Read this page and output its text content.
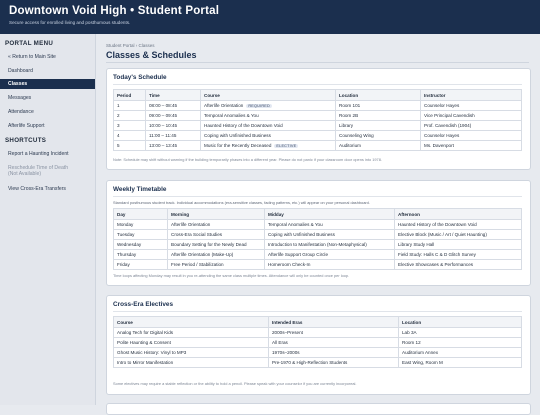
Downtown Void High • Student Portal
Secure access for enrolled living and posthumous students.
PORTAL MENU
« Return to Main Site
Dashboard
Classes
Messages
Attendance
Afterlife Support
SHORTCUTS
Report a Haunting Incident
Reschedule Time of Death
(Not Available)
View Cross-Era Transfers
Student Portal › Classes
Classes & Schedules
Today's Schedule
Period	Time	Course	Location	Instructor
1	08:00 – 08:45	Afterlife Orientation REQUIRED	Room 101	Counselor Hayes
2	09:00 – 09:45	Temporal Anomalies & You	Room 2B	Vice Principal Cavendish
3	10:00 – 10:45	Haunted History of the Downtown Void	Library	Prof. Cavendish (1904)
4	11:00 – 11:45	Coping with Unfinished Business	Counseling Wing	Counselor Hayes
5	13:00 – 13:45	Music for the Recently Deceased ELECTIVE	Auditorium	Ms. Davenport
Note: Schedule may shift without warning if the building temporarily phases into a different year. Please do not panic if your classroom door opens into 1978.
Weekly Timetable
Standard posthumous student track. Individual accommodations (era-sensitive classes, fading patterns, etc.) will appear on your personal dashboard.
Day	Morning	Midday	Afternoon
Monday	Afterlife Orientation	Temporal Anomalies & You	Haunted History of the Downtown Void
Tuesday	Cross-Era Social Studies	Coping with Unfinished Business	Elective Block (Music / Art / Quiet Haunting)
Wednesday	Boundary Setting for the Newly Dead	Introduction to Manifestation (Non-Metaphysical)	Library Study Hall
Thursday	Afterlife Orientation (Make-Up)	Afterlife Support Group Circle	Field Study: Halls C & D Glitch Survey
Friday	Free Period / Stabilization	Homeroom Check-In	Elective Showcases & Performances
Time loops affecting Monday may result in you re-attending the same class multiple times. Attendance will only be counted once per loop.
Cross-Era Electives
Course	Intended Eras	Location
Analog Tech for Digital Kids	2000s–Present	Lab 3A
Polite Haunting & Consent	All Eras	Room 12
Ghost Music History: Vinyl to MP3	1970s–2000s	Auditorium Annex
Intro to Mirror Manifestation	Pre-1970 & High-Reflection Students	East Wing, Room M
Some electives may require a stable reflection or the ability to hold a pencil. Please speak with your counselor if you are currently incorporeal.
